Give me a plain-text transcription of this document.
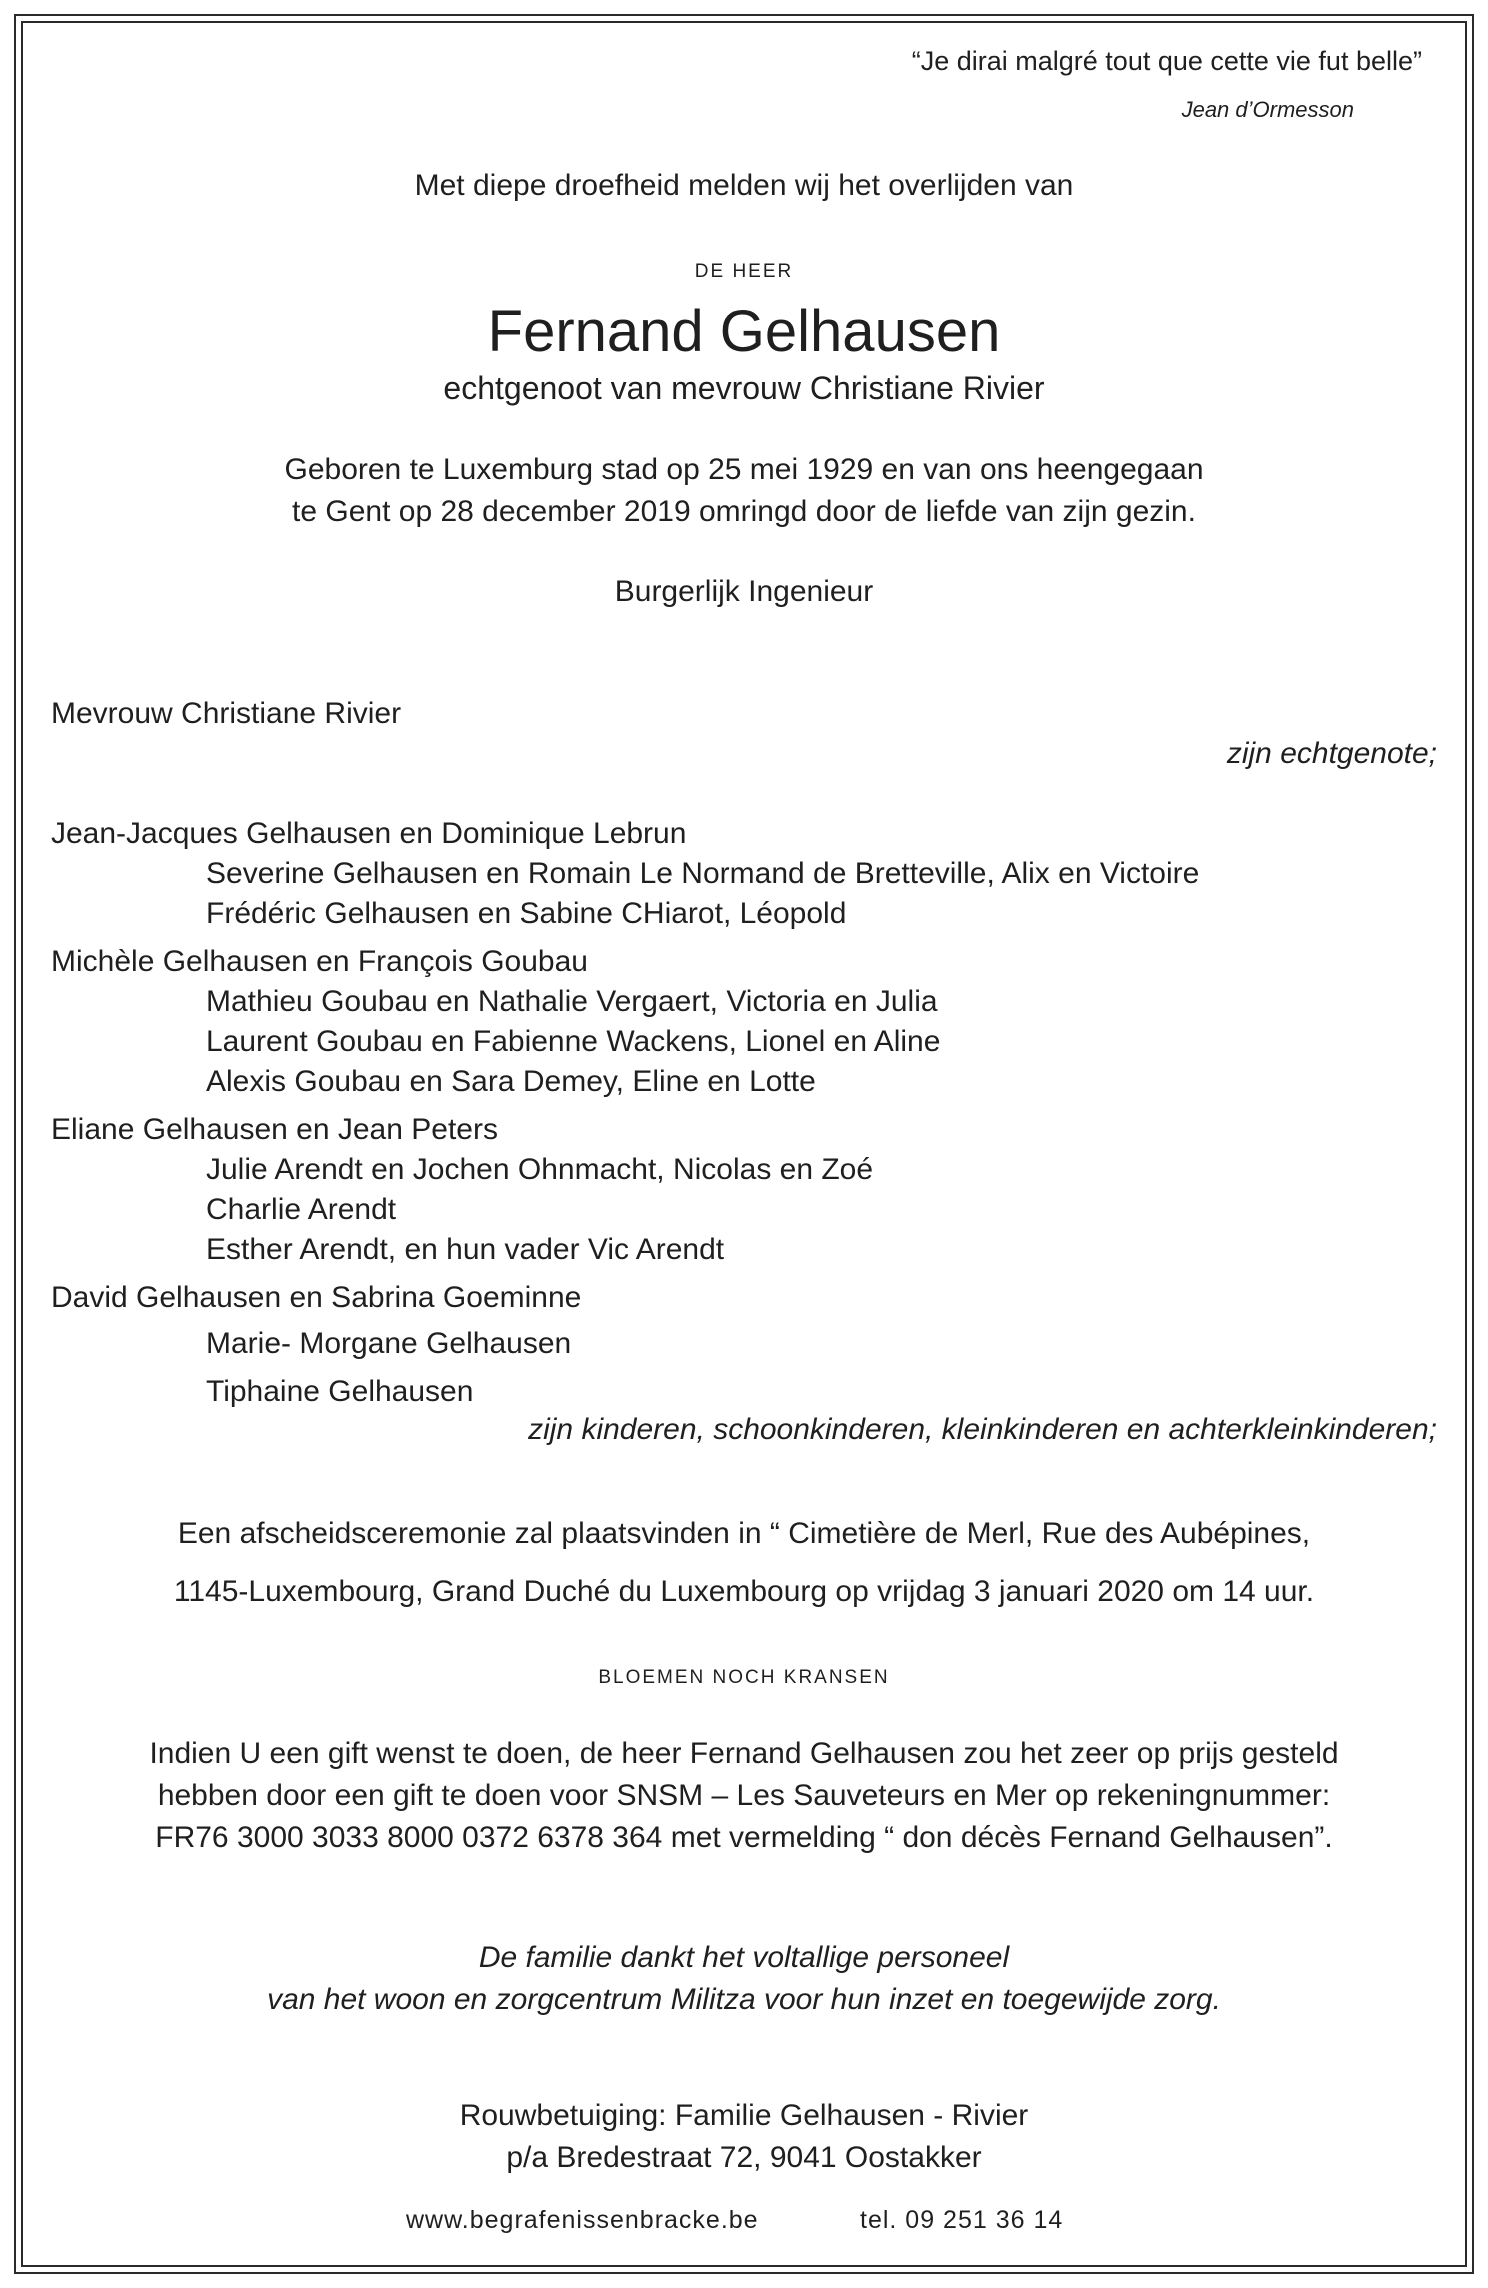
“Je dirai malgré tout que cette vie fut belle”
Jean d’Ormesson
Met diepe droefheid melden wij het overlijden van
DE HEER
Fernand Gelhausen
echtgenoot van mevrouw Christiane Rivier
Geboren te Luxemburg stad op 25 mei 1929 en van ons heengegaan
te Gent op 28 december 2019 omringd door de liefde van zijn gezin.
Burgerlijk Ingenieur
Mevrouw Christiane Rivier
zijn echtgenote;
Jean-Jacques Gelhausen en Dominique Lebrun
Severine Gelhausen en Romain Le Normand de Bretteville, Alix en Victoire
Frédéric Gelhausen en Sabine CHiarot, Léopold
Michèle Gelhausen en François Goubau
Mathieu Goubau en Nathalie Vergaert, Victoria en Julia
Laurent Goubau en Fabienne Wackens, Lionel en Aline
Alexis Goubau en Sara Demey, Eline en Lotte
Eliane Gelhausen en Jean Peters
Julie Arendt en Jochen Ohnmacht, Nicolas en Zoé
Charlie Arendt
Esther Arendt, en hun vader Vic Arendt
David Gelhausen en Sabrina Goeminne
Marie- Morgane Gelhausen
Tiphaine Gelhausen
zijn kinderen, schoonkinderen, kleinkinderen en achterkleinkinderen;
Een afscheidsceremonie zal plaatsvinden in “ Cimetière de Merl, Rue des Aubépines,
1145-Luxembourg, Grand Duché du Luxembourg op vrijdag 3 januari 2020 om 14 uur.
BLOEMEN NOCH KRANSEN
Indien U een gift wenst te doen, de heer Fernand Gelhausen zou het zeer op prijs gesteld
hebben door een gift te doen voor SNSM – Les Sauveteurs en Mer op rekeningnummer:
FR76 3000 3033 8000 0372 6378 364 met vermelding “ don décès Fernand Gelhausen”.
De familie dankt het voltallige personeel
van het woon en zorgcentrum Militza voor hun inzet en toegewijde zorg.
Rouwbetuiging: Familie Gelhausen - Rivier
p/a Bredestraat 72, 9041 Oostakker
www.begrafenissenbracke.be	tel. 09 251 36 14
